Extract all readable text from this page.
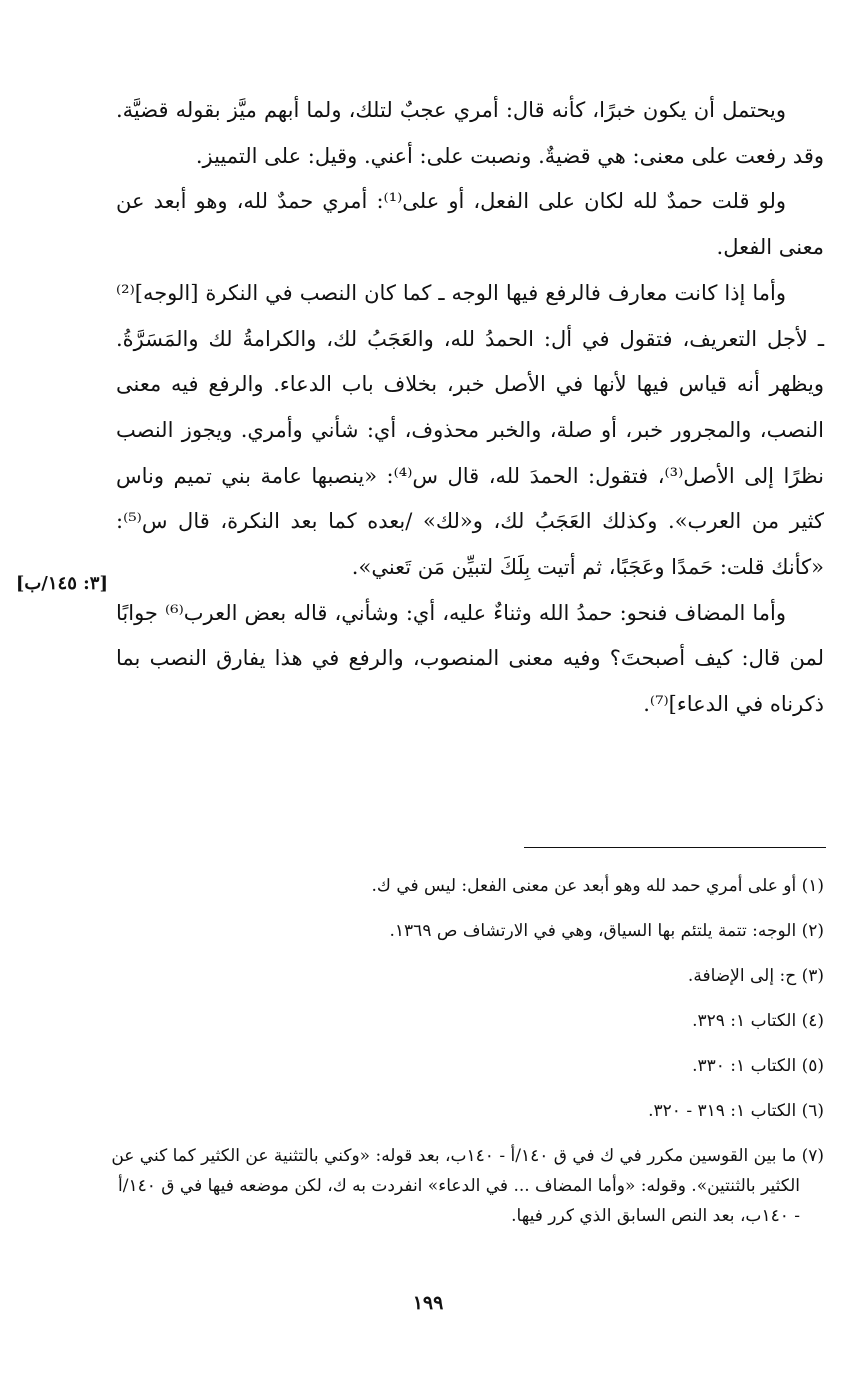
ويحتمل أن يكون خبرًا، كأنه قال: أمري عجبٌ لتلك، ولما أبهم ميَّز بقوله قضيَّة. وقد رفعت على معنى: هي قضيةٌ. ونصبت على: أعني. وقيل: على التمييز.

ولو قلت حمدٌ لله لكان على الفعل، أو على⁽¹⁾: أمري حمدٌ لله، وهو أبعد عن معنى الفعل.

وأما إذا كانت معارف فالرفع فيها الوجه ـ كما كان النصب في النكرة [الوجه]⁽²⁾ ـ لأجل التعريف، فتقول في أل: الحمدُ لله، والعَجَبُ لك، والكرامةُ لك والمَسَرَّةُ. ويظهر أنه قياس فيها لأنها في الأصل خبر، بخلاف باب الدعاء. والرفع فيه معنى النصب، والمجرور خبر، أو صلة، والخبر محذوف، أي: شأني وأمري. ويجوز النصب نظرًا إلى الأصل⁽³⁾، فتقول: الحمدَ لله، قال س⁽⁴⁾: «ينصبها عامة بني تميم وناس كثير من العرب». وكذلك العَجَبُ لك، و«لك» /بعده كما بعد النكرة، قال س⁽⁵⁾: «كأنك قلت: حَمدًا وعَجَبًا، ثم أتيت بِلَكَ لتبيِّن مَن تَعني».

وأما المضاف فنحو: حمدُ الله وثناءٌ عليه، أي: وشأني، قاله بعض العرب⁽⁶⁾ جوابًا لمن قال: كيف أصبحتَ؟ وفيه معنى المنصوب، والرفع في هذا يفارق النصب بما ذكرناه في الدعاء]⁽⁷⁾.

[٣: ١٤٥/ب]

(١) أو على أمري حمد لله وهو أبعد عن معنى الفعل: ليس في ك.

(٢) الوجه: تتمة يلتئم بها السياق، وهي في الارتشاف ص ١٣٦٩.

(٣) ح: إلى الإضافة.

(٤) الكتاب ١: ٣٢٩.

(٥) الكتاب ١: ٣٣٠.

(٦) الكتاب ١: ٣١٩ - ٣٢٠.

(٧) ما بين القوسين مكرر في ك في ق ١٤٠/أ - ١٤٠ب، بعد قوله: «وكني بالتثنية عن الكثير كما كني عن الكثير بالثنتين». وقوله: «وأما المضاف ... في الدعاء» انفردت به ك، لكن موضعه فيها في ق ١٤٠/أ - ١٤٠ب، بعد النص السابق الذي كرر فيها.

١٩٩
